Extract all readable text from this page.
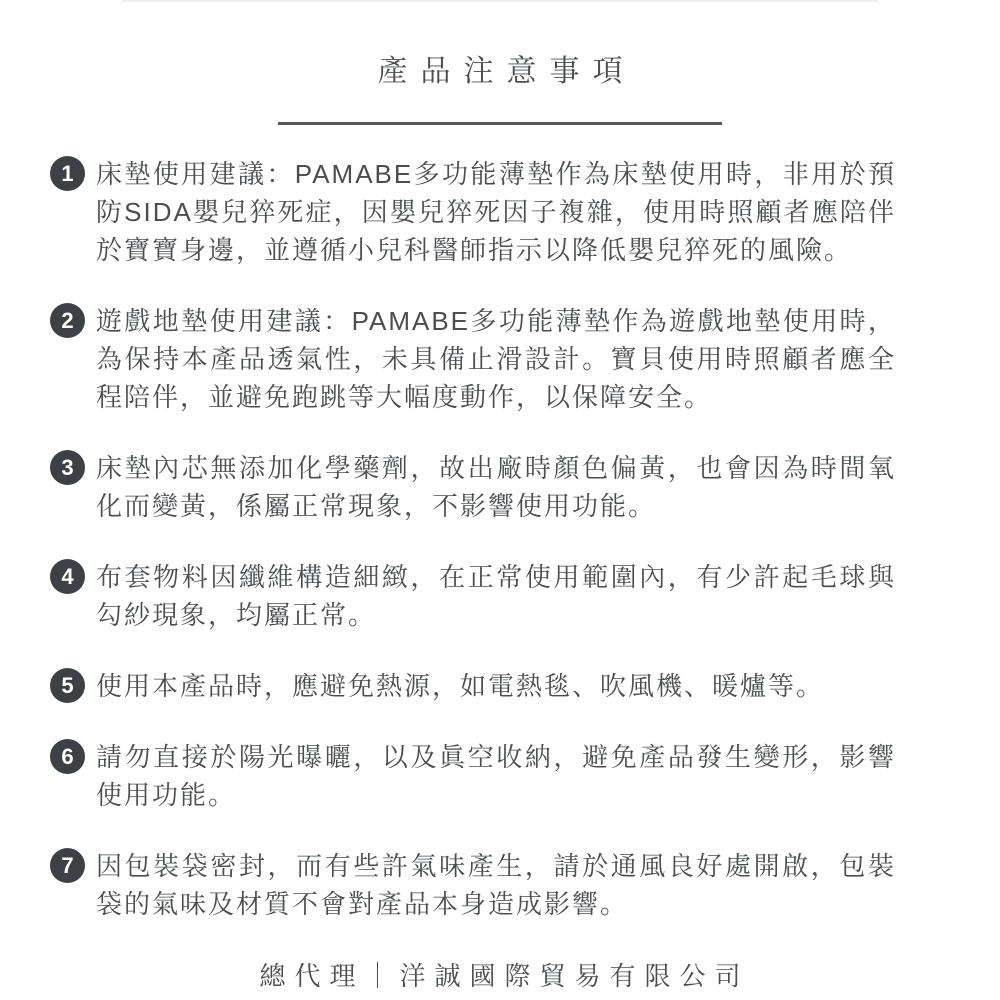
產品注意事項
1 床墊使用建議：PAMABE多功能薄墊作為床墊使用時，非用於預防SIDA嬰兒猝死症，因嬰兒猝死因子複雜，使用時照顧者應陪伴於寶寶身邊，並遵循小兒科醫師指示以降低嬰兒猝死的風險。
2 遊戲地墊使用建議：PAMABE多功能薄墊作為遊戲地墊使用時，為保持本產品透氣性，未具備止滑設計。寶貝使用時照顧者應全程陪伴，並避免跑跳等大幅度動作，以保障安全。
3 床墊內芯無添加化學藥劑，故出廠時顏色偏黃，也會因為時間氧化而變黃，係屬正常現象，不影響使用功能。
4 布套物料因纖維構造細緻，在正常使用範圍內，有少許起毛球與勾紗現象，均屬正常。
5 使用本產品時，應避免熱源，如電熱毯、吹風機、暖爐等。
6 請勿直接於陽光曝曬，以及眞空收納，避免產品發生變形，影響使用功能。
7 因包裝袋密封，而有些許氣味產生，請於通風良好處開啟，包裝袋的氣味及材質不會對產品本身造成影響。
總代理｜洋誠國際貿易有限公司
